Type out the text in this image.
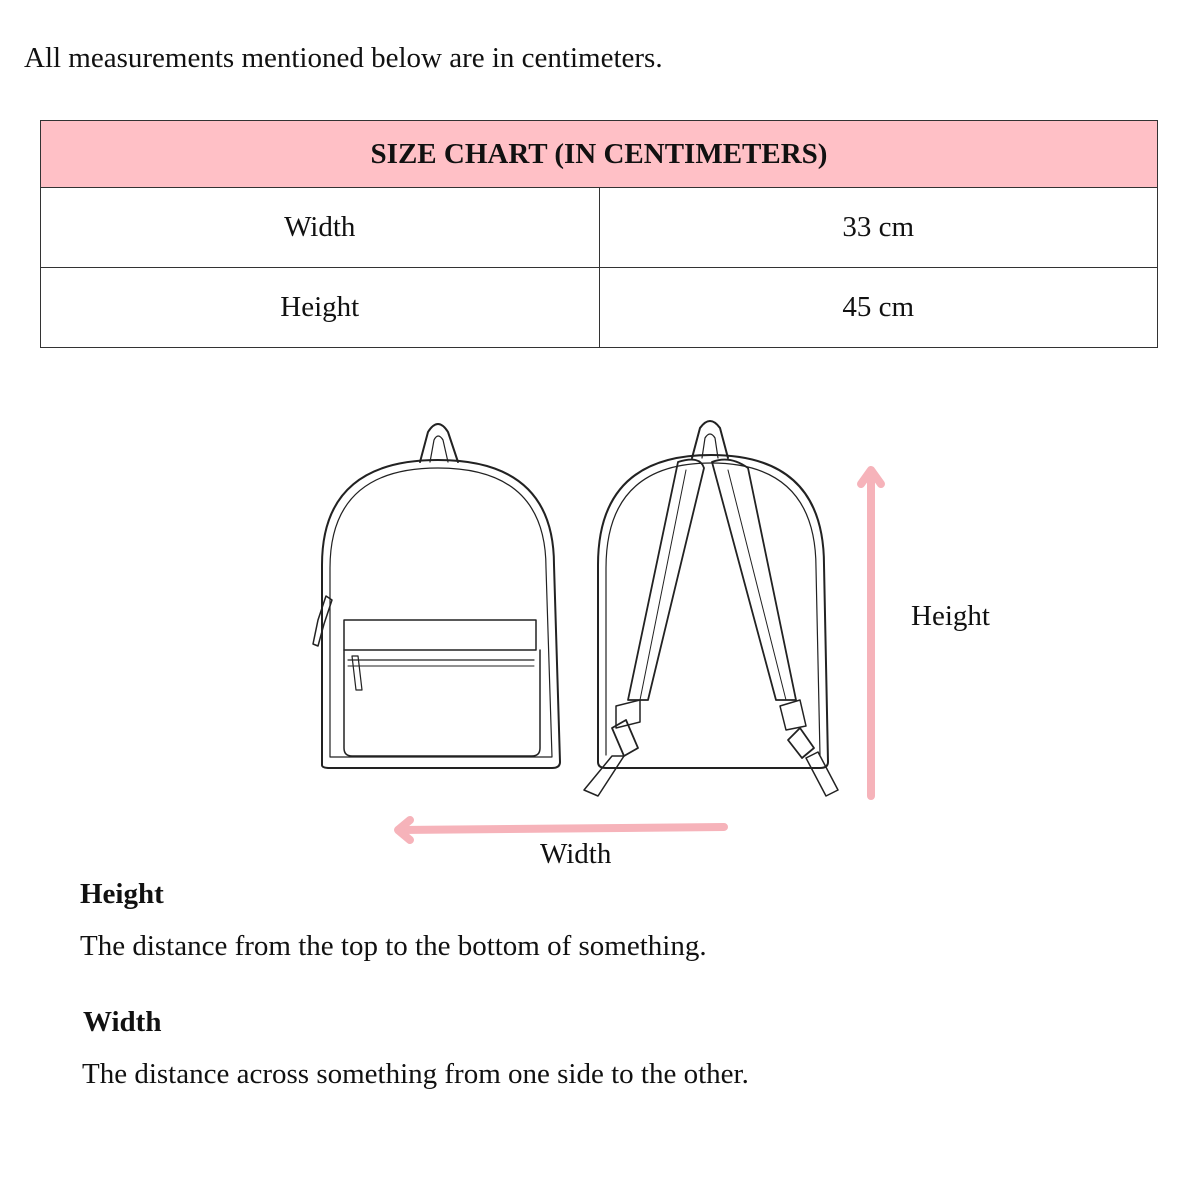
All measurements mentioned below are in centimeters.
SIZE CHART (IN CENTIMETERS)	
Width	33 cm
Height	45 cm
Height
Width
Height
The distance from the top to the bottom of something.
Width
The distance across something from one side to the other.
